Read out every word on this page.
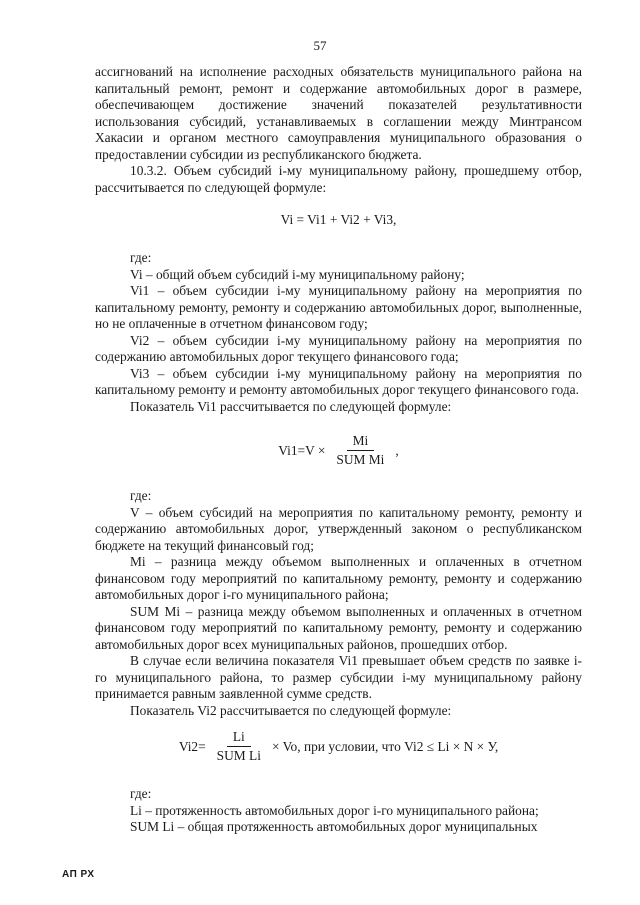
57

ассигнований на исполнение расходных обязательств муниципального района на капитальный ремонт, ремонт и содержание автомобильных дорог в размере, обеспечивающем достижение значений показателей результативности использования субсидий, устанавливаемых в соглашении между Минтрансом Хакасии и органом местного самоуправления муниципального образования о предоставлении субсидии из республиканского бюджета.

10.3.2. Объем субсидий i-му муниципальному району, прошедшему отбор, рассчитывается по следующей формуле:

Vi = Vi1 + Vi2 + Vi3,

где:

Vi – общий объем субсидий i-му муниципальному району;

Vi1 – объем субсидии i-му муниципальному району на мероприятия по капитальному ремонту, ремонту и содержанию автомобильных дорог, выполненные, но не оплаченные в отчетном финансовом году;

Vi2 – объем субсидии i-му муниципальному району на мероприятия по содержанию автомобильных дорог текущего финансового года;

Vi3 – объем субсидии i-му муниципальному району на мероприятия по капитальному ремонту и ремонту автомобильных дорог текущего финансового года.

Показатель Vi1 рассчитывается по следующей формуле:

$Vi1=V \times \frac{Mi}{\text{SUM Mi}}$ ,

где:

V – объем субсидий на мероприятия по капитальному ремонту, ремонту и содержанию автомобильных дорог, утвержденный законом о республиканском бюджете на текущий финансовый год;

Mi – разница между объемом выполненных и оплаченных в отчетном финансовом году мероприятий по капитальному ремонту, ремонту и содержанию автомобильных дорог i-го муниципального района;

SUM Mi – разница между объемом выполненных и оплаченных в отчетном финансовом году мероприятий по капитальному ремонту, ремонту и содержанию автомобильных дорог всех муниципальных районов, прошедших отбор.

В случае если величина показателя Vi1 превышает объем средств по заявке i-го муниципального района, то размер субсидии i-му муниципальному району принимается равным заявленной сумме средств.

Показатель Vi2 рассчитывается по следующей формуле:

$Vi2= \frac{Li}{\text{SUM Li}} \times Vo$, при условии, что Vi2 ≤ Li × N × У,

где:

Li – протяженность автомобильных дорог i-го муниципального района;

SUM Li – общая протяженность автомобильных дорог муниципальных

АП РХ
